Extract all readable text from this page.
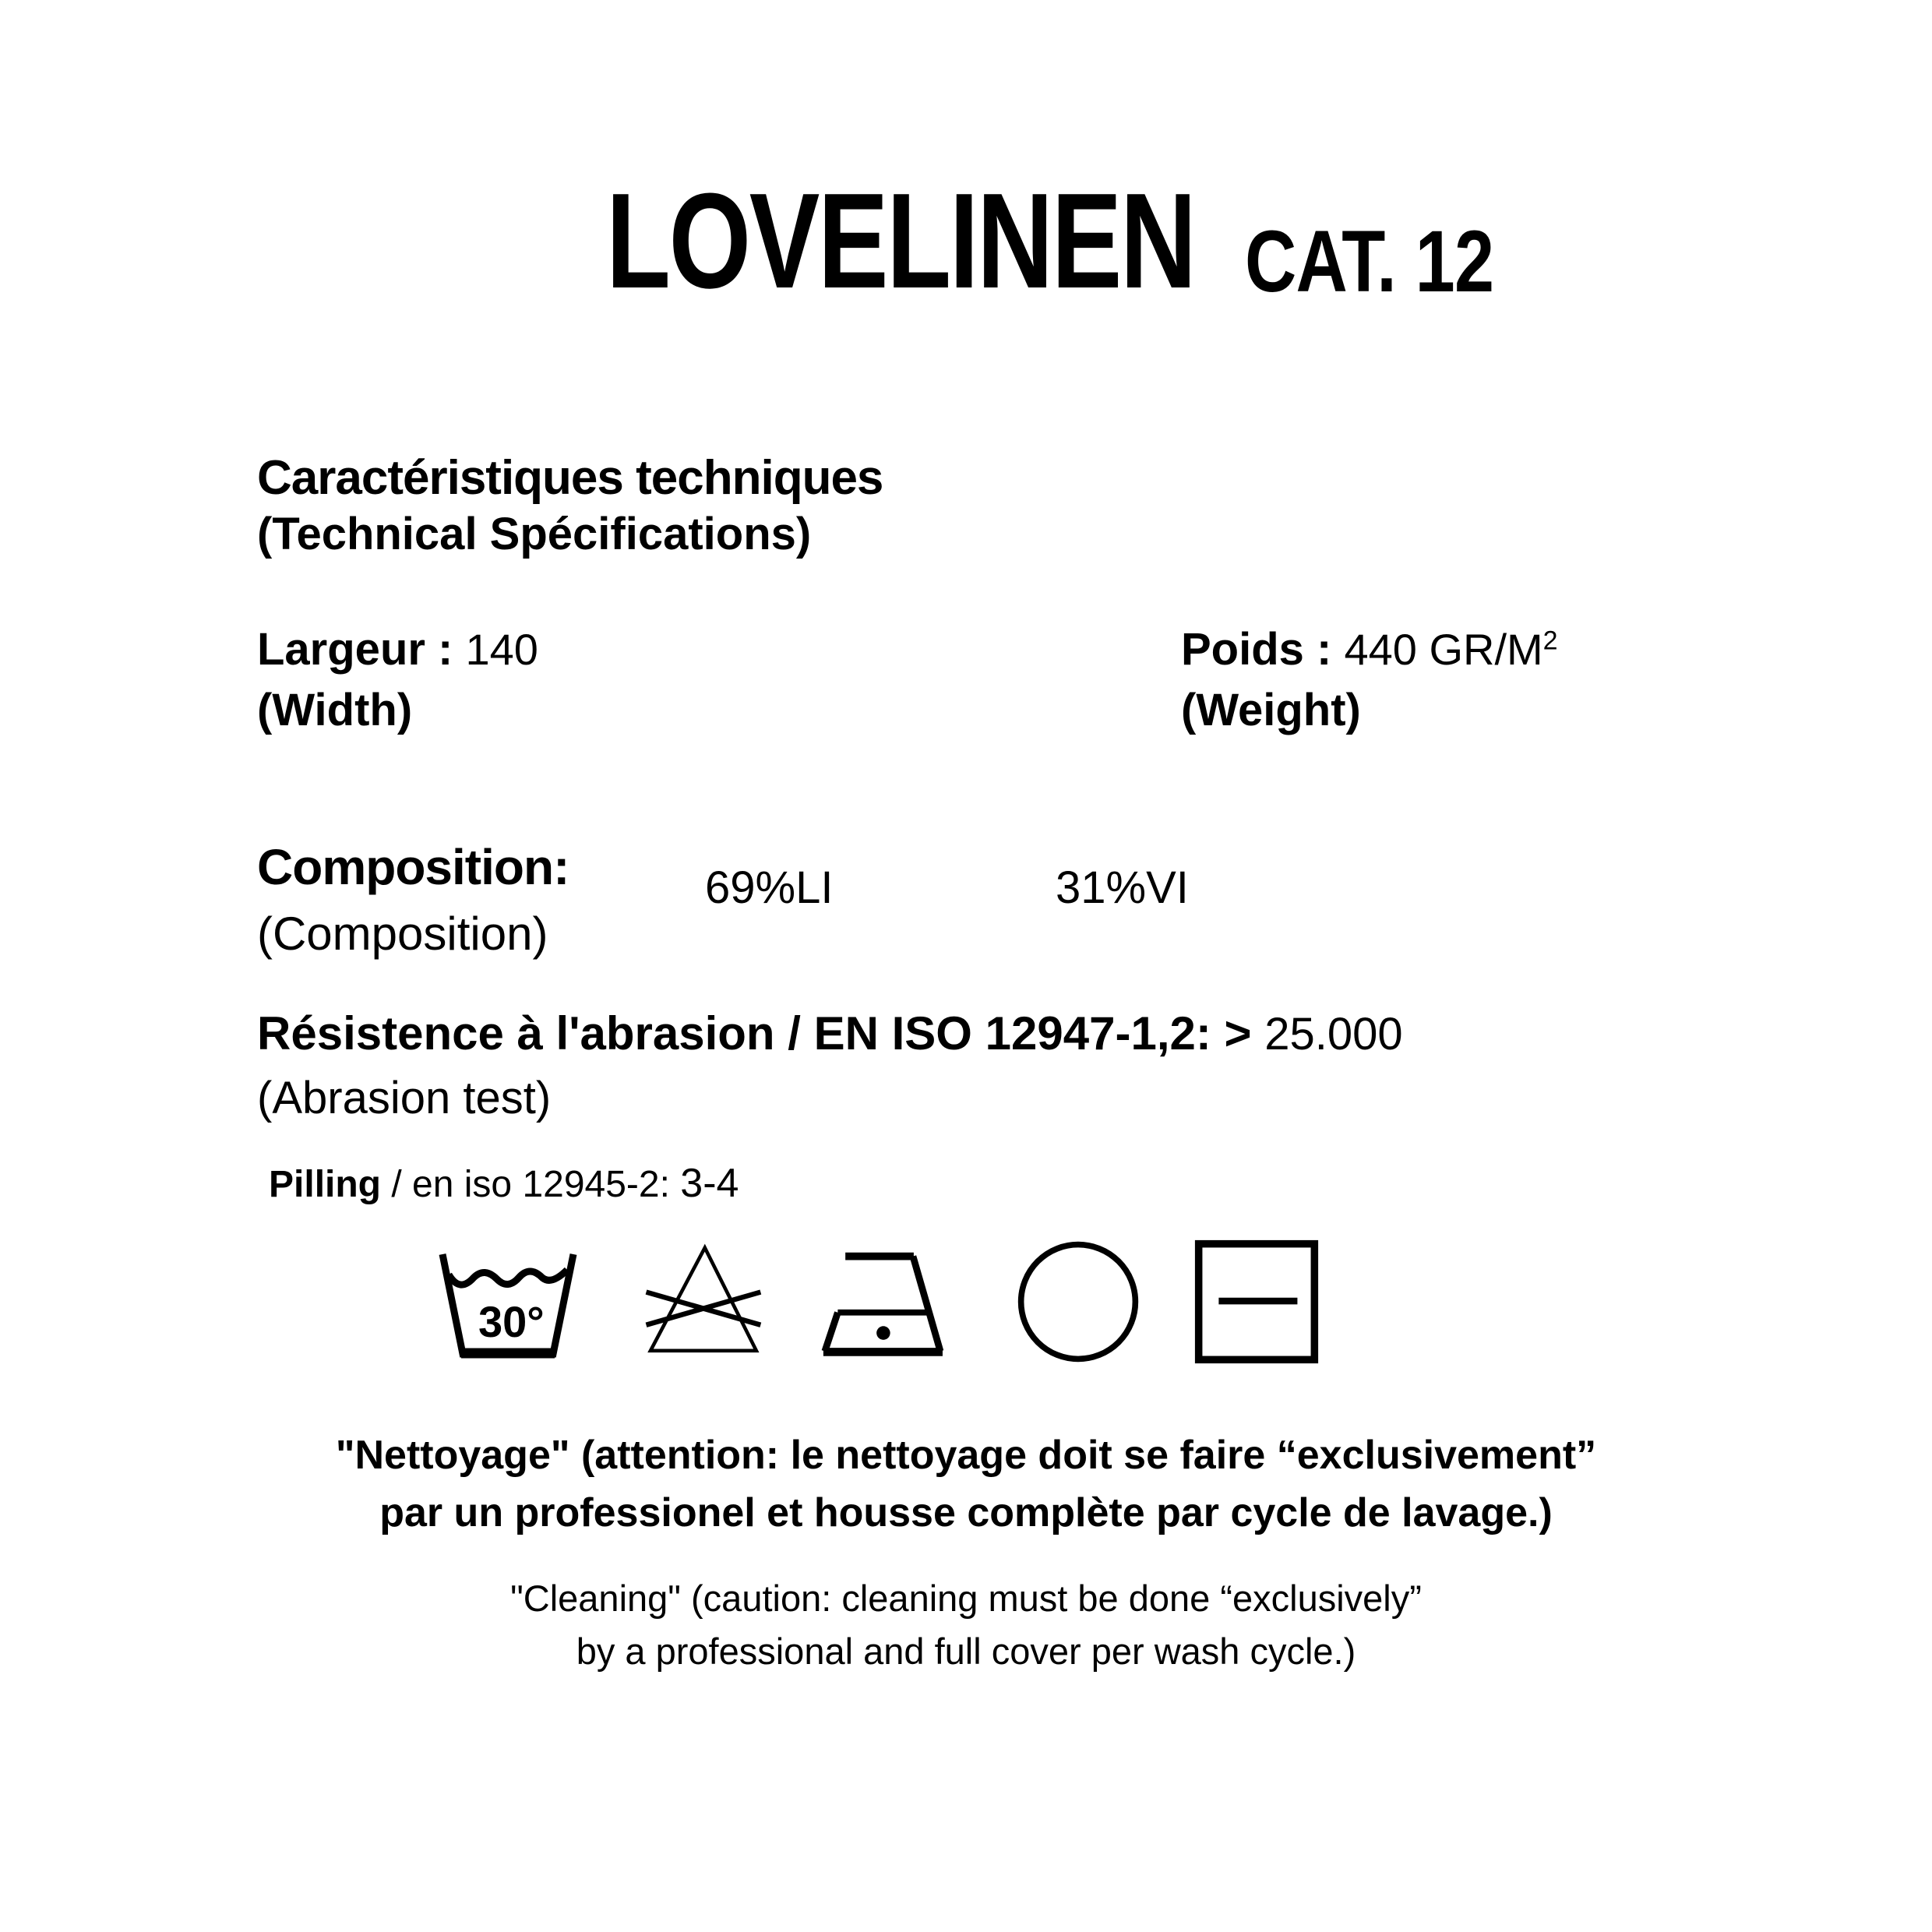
LOVELINEN CAT. 12
Caractéristiques techniques
(Technical Spécifications)
Largeur : 140
(Width)
Poids : 440 $GR/M^2$
(Weight)
Composition:
(Composition)
69%LI	31%VI
Résistence à l'abrasion / EN ISO 12947-1,2: > 25.000
(Abrasion test)
Pilling / en iso 12945-2: 3-4
30°
"Nettoyage" (attention: le nettoyage doit se faire “exclusivement”
par un professionel et housse complète par cycle de lavage.)
"Cleaning" (caution: cleaning must be done “exclusively”
by a professional and full cover per wash cycle.)
